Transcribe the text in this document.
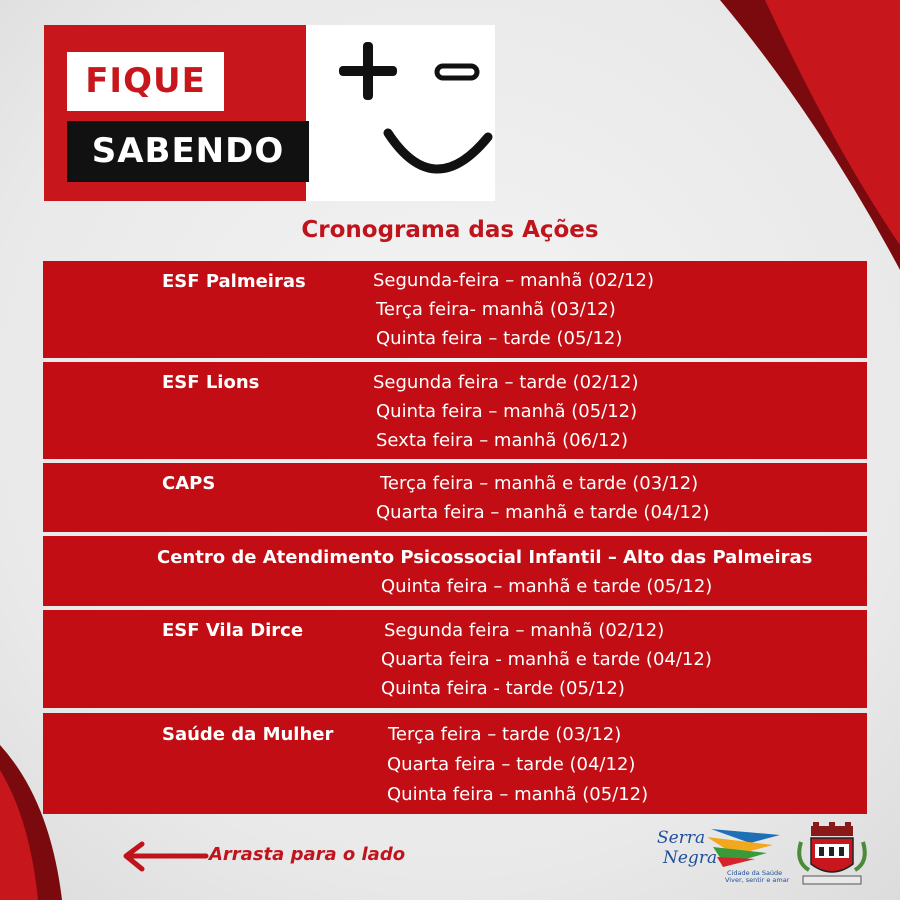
FIQUE
SABENDO
Cronograma das Ações
ESF Palmeiras	Segunda-feira – manhã (02/12)
Terça feira- manhã (03/12)
Quinta feira – tarde (05/12)
ESF Lions	Segunda feira – tarde (02/12)
Quinta feira – manhã (05/12)
Sexta feira – manhã (06/12)
CAPS	Terça feira – manhã e tarde (03/12)
Quarta feira – manhã e tarde (04/12)
Centro de Atendimento Psicossocial Infantil – Alto das Palmeiras
Quinta feira – manhã e tarde (05/12)
ESF Vila Dirce	Segunda feira – manhã (02/12)
Quarta feira - manhã e tarde (04/12)
Quinta feira - tarde (05/12)
Saúde da Mulher	Terça feira – tarde (03/12)
Quarta feira – tarde (04/12)
Quinta feira – manhã (05/12)
Arrasta para o lado
Serra
Negra
Cidade da Saúde
Viver, sentir e amar
